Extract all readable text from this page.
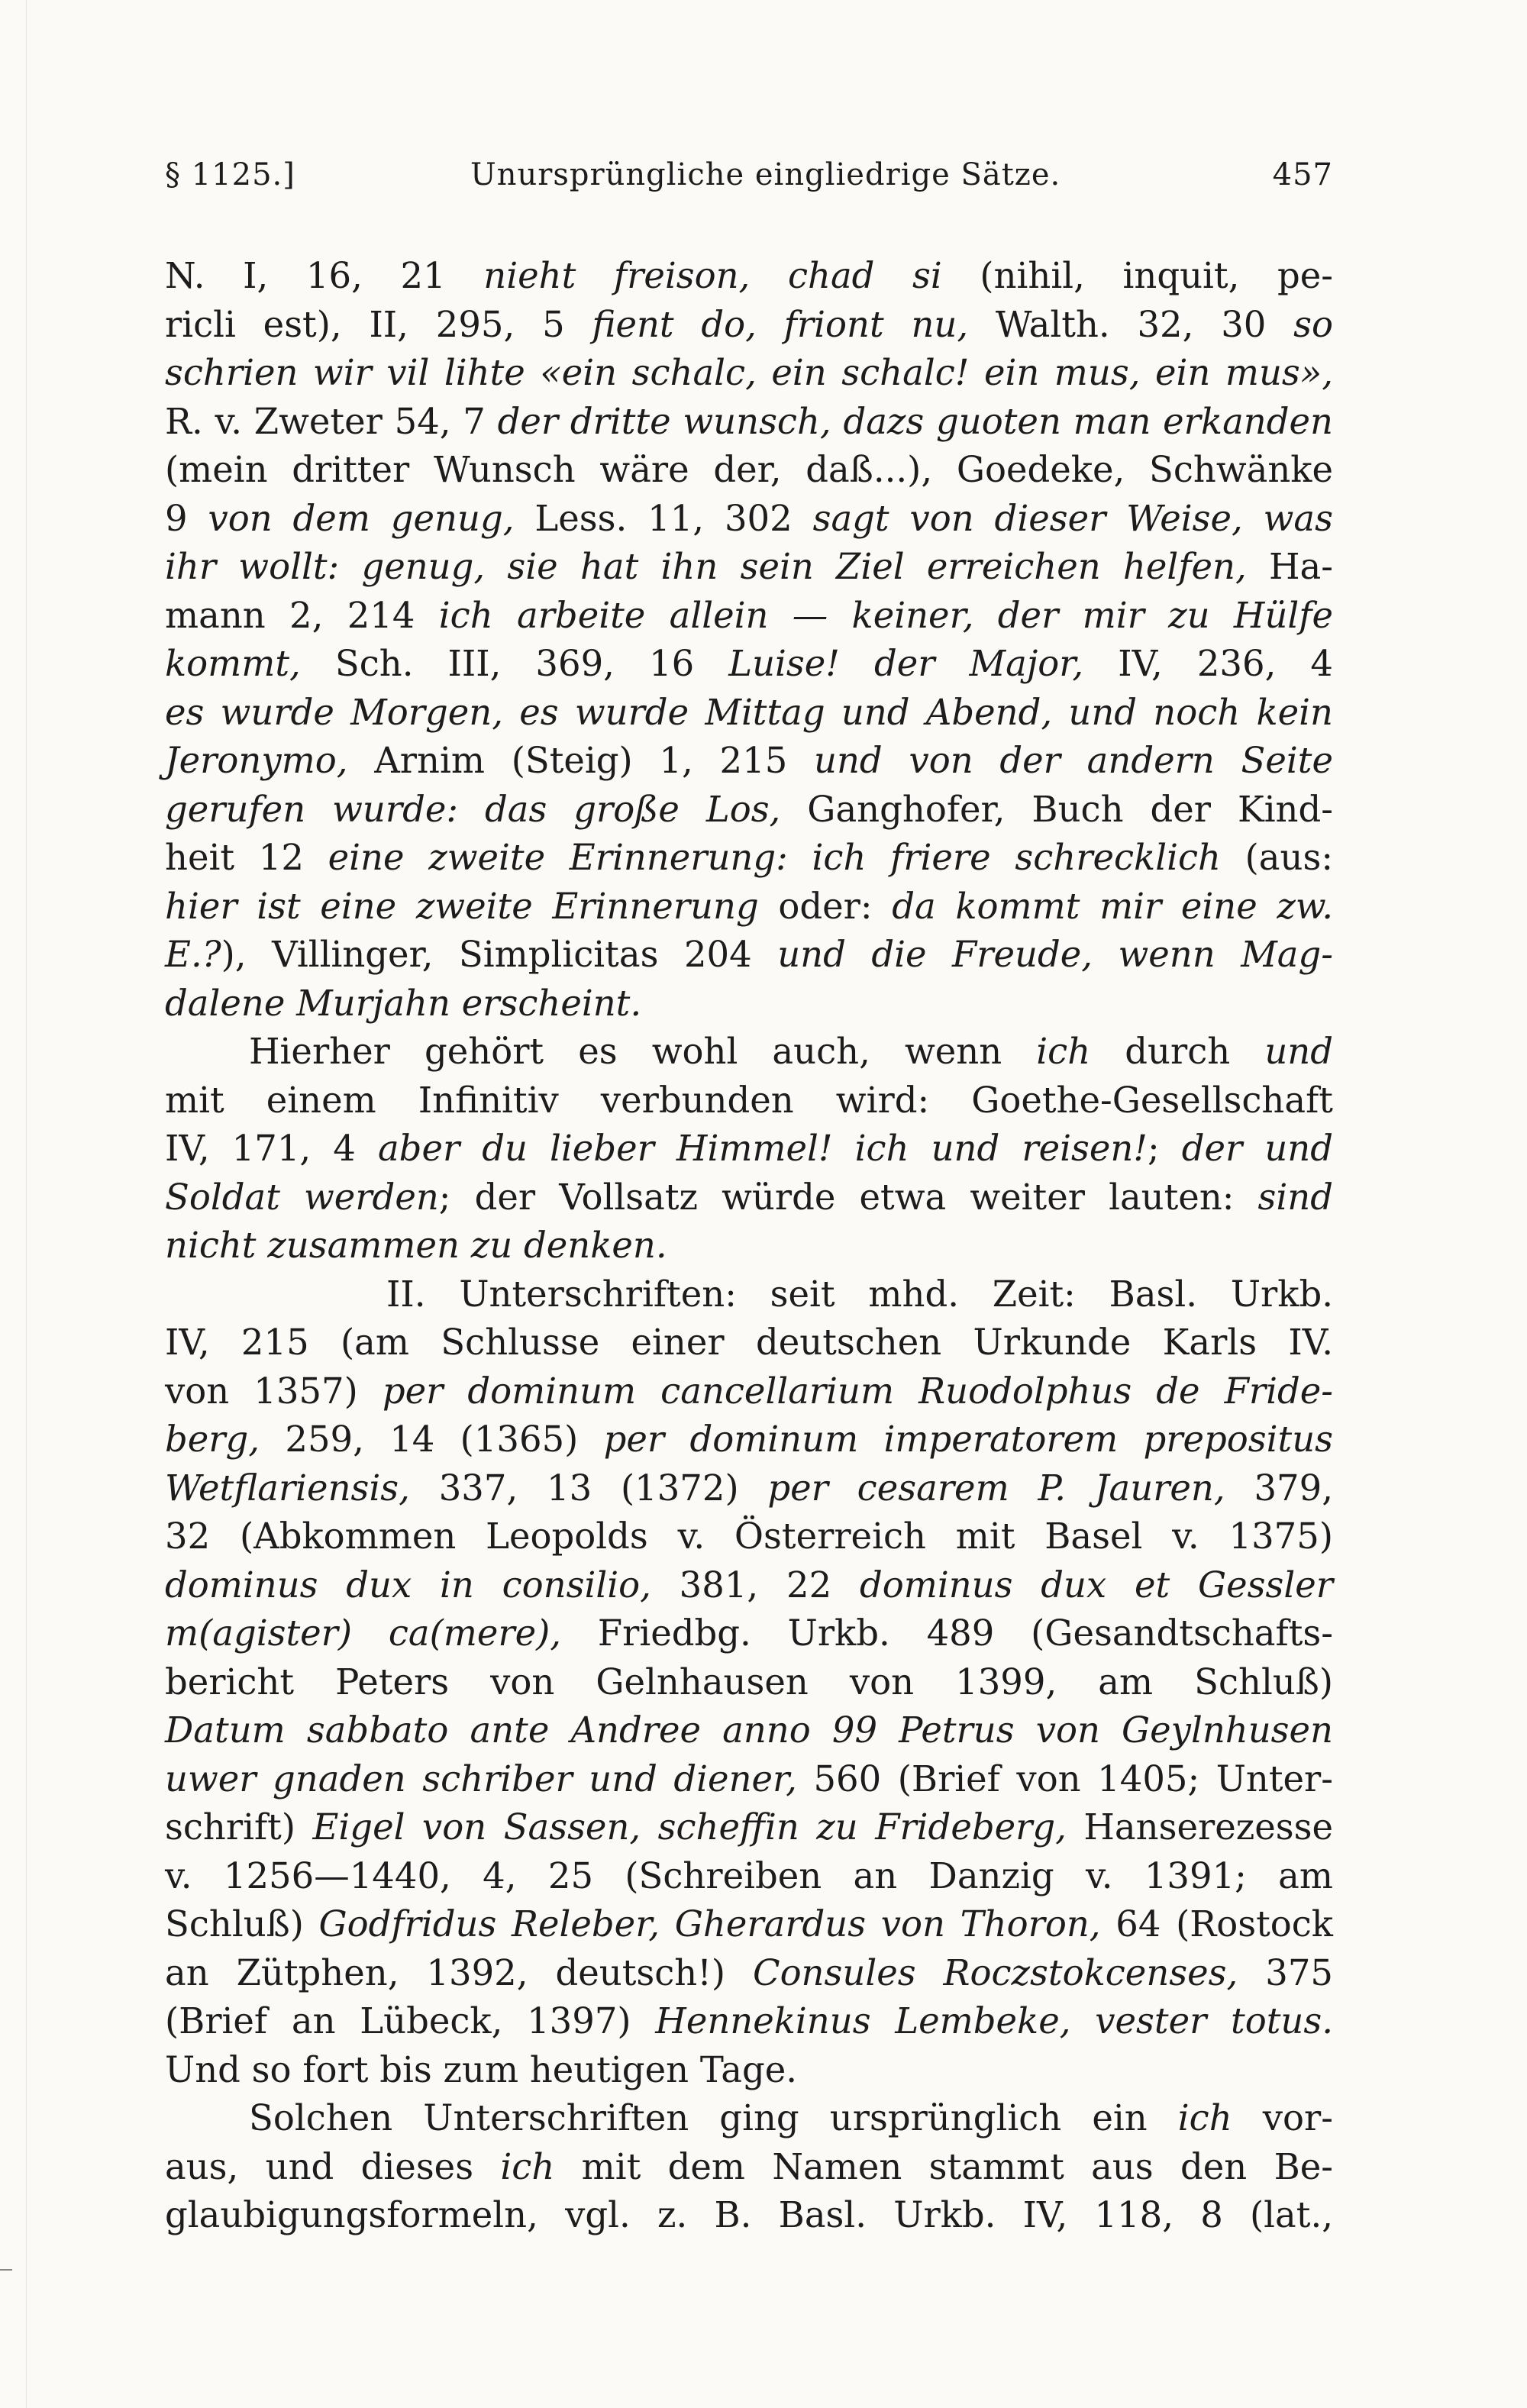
§ 1125.]	Unursprüngliche eingliedrige Sätze.	457
N. I, 16, 21 nieht freison, chad si (nihil, inquit, pe-
ricli est), II, 295, 5 fient do, friont nu, Walth. 32, 30 so
schrien wir vil lihte «ein schalc, ein schalc! ein mus, ein mus»,
R. v. Zweter 54, 7 der dritte wunsch, dazs guoten man erkanden
(mein dritter Wunsch wäre der, daß...), Goedeke, Schwänke
9 von dem genug, Less. 11, 302 sagt von dieser Weise, was
ihr wollt: genug, sie hat ihn sein Ziel erreichen helfen, Ha-
mann 2, 214 ich arbeite allein — keiner, der mir zu Hülfe
kommt, Sch. III, 369, 16 Luise! der Major, IV, 236, 4
es wurde Morgen, es wurde Mittag und Abend, und noch kein
Jeronymo, Arnim (Steig) 1, 215 und von der andern Seite
gerufen wurde: das große Los, Ganghofer, Buch der Kind-
heit 12 eine zweite Erinnerung: ich friere schrecklich (aus:
hier ist eine zweite Erinnerung oder: da kommt mir eine zw.
E.?), Villinger, Simplicitas 204 und die Freude, wenn Mag-
dalene Murjahn erscheint.
Hierher gehört es wohl auch, wenn ich durch und
mit einem Infinitiv verbunden wird: Goethe-Gesellschaft
IV, 171, 4 aber du lieber Himmel! ich und reisen!; der und
Soldat werden; der Vollsatz würde etwa weiter lauten: sind
nicht zusammen zu denken.
II. Unterschriften: seit mhd. Zeit: Basl. Urkb.
IV, 215 (am Schlusse einer deutschen Urkunde Karls IV.
von 1357) per dominum cancellarium Ruodolphus de Fride-
berg, 259, 14 (1365) per dominum imperatorem prepositus
Wetflariensis, 337, 13 (1372) per cesarem P. Jauren, 379,
32 (Abkommen Leopolds v. Österreich mit Basel v. 1375)
dominus dux in consilio, 381, 22 dominus dux et Gessler
m(agister) ca(mere), Friedbg. Urkb. 489 (Gesandtschafts-
bericht Peters von Gelnhausen von 1399, am Schluß)
Datum sabbato ante Andree anno 99 Petrus von Geylnhusen
uwer gnaden schriber und diener, 560 (Brief von 1405; Unter-
schrift) Eigel von Sassen, scheffin zu Frideberg, Hanserezesse
v. 1256—1440, 4, 25 (Schreiben an Danzig v. 1391; am
Schluß) Godfridus Releber, Gherardus von Thoron, 64 (Rostock
an Zütphen, 1392, deutsch!) Consules Roczstokcenses, 375
(Brief an Lübeck, 1397) Hennekinus Lembeke, vester totus.
Und so fort bis zum heutigen Tage.
Solchen Unterschriften ging ursprünglich ein ich vor-
aus, und dieses ich mit dem Namen stammt aus den Be-
glaubigungsformeln, vgl. z. B. Basl. Urkb. IV, 118, 8 (lat.,
